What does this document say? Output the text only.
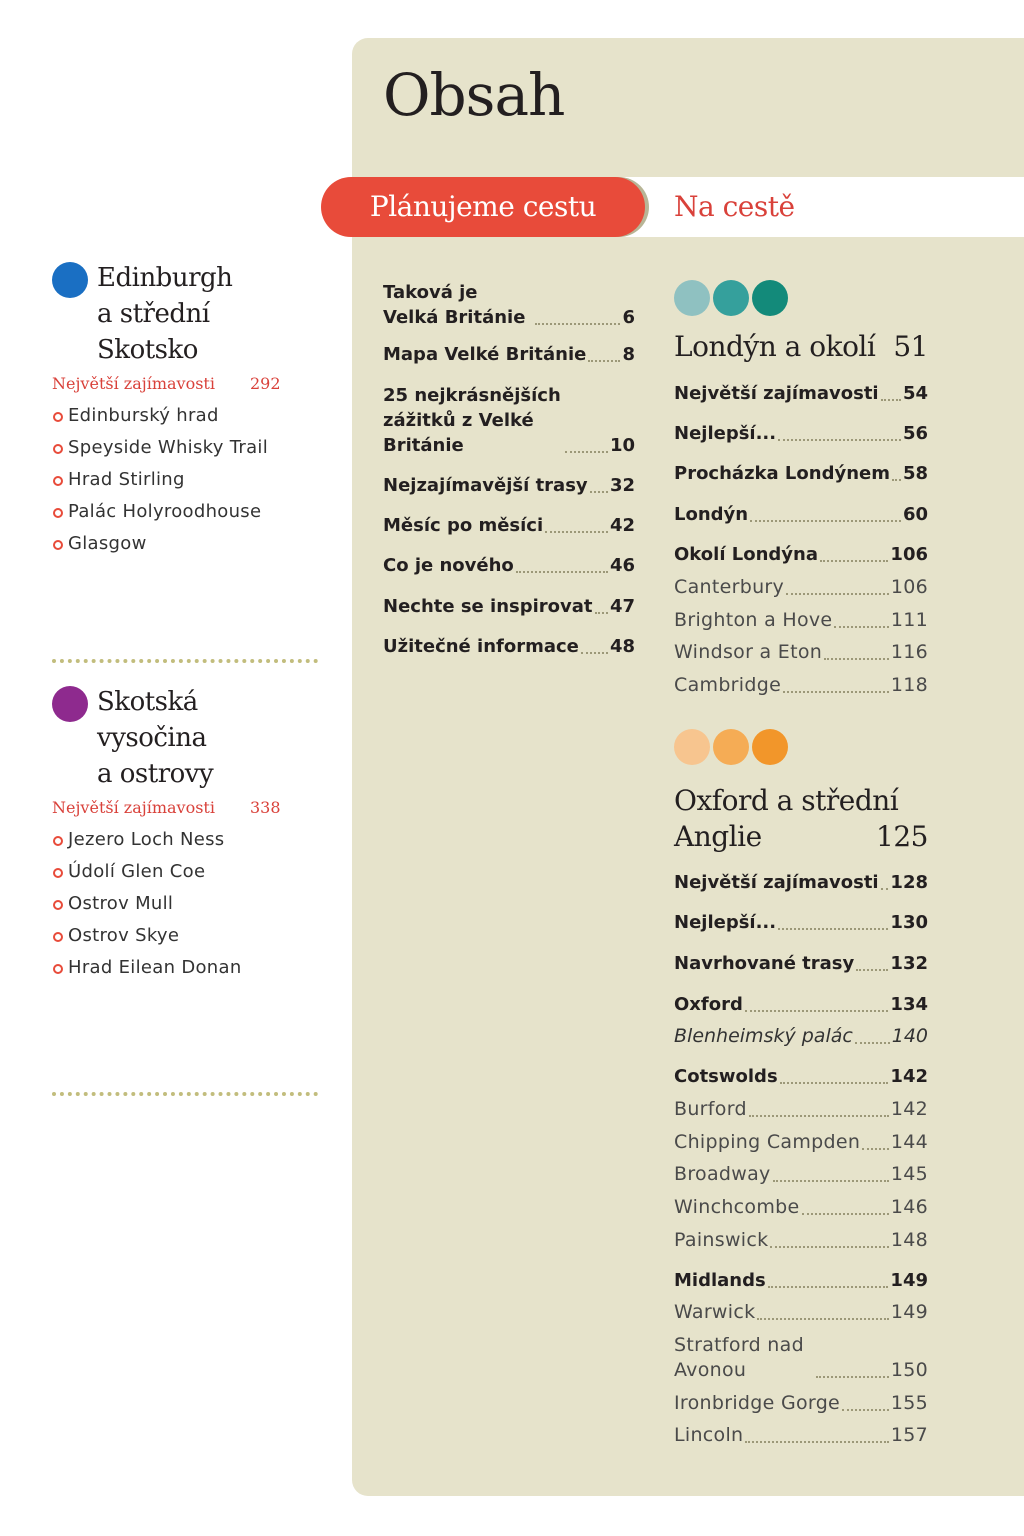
Obsah
Plánujeme cestu	Na cestě
Edinburgh
a střední
Skotsko
Největší zajímavosti 292
Edinburský hrad
Speyside Whisky Trail
Hrad Stirling
Palác Holyroodhouse
Glasgow
Skotská
vysočina
a ostrovy
Největší zajímavosti 338
Jezero Loch Ness
Údolí Glen Coe
Ostrov Mull
Ostrov Skye
Hrad Eilean Donan
Taková je Velká Británie	6
Mapa Velké Británie 8
25 nejkrásnějších zážitků z Velké Británie	10
Nejzajímavější trasy 32
Měsíc po měsíci	42
Co je nového	46
Nechte se inspirovat 47
Užitečné informace 48
Londýn a okolí 51
Největší zajímavosti 54
Nejlepší...	56
Procházka Londýnem 58
Londýn	60
Okolí Londýna	106
Canterbury	106
Brighton a Hove	111
Windsor a Eton	116
Cambridge	118
Oxford a střední Anglie	125
Největší zajímavosti 128
Nejlepší...	130
Navrhované trasy 132
Oxford	134
Blenheimský palác 140
Cotswolds	142
Burford	142
Chipping Campden 144
Broadway	145
Winchcombe	146
Painswick	148
Midlands	149
Warwick	149
Stratford nad Avonou	150
Ironbridge Gorge	155
Lincoln	157
